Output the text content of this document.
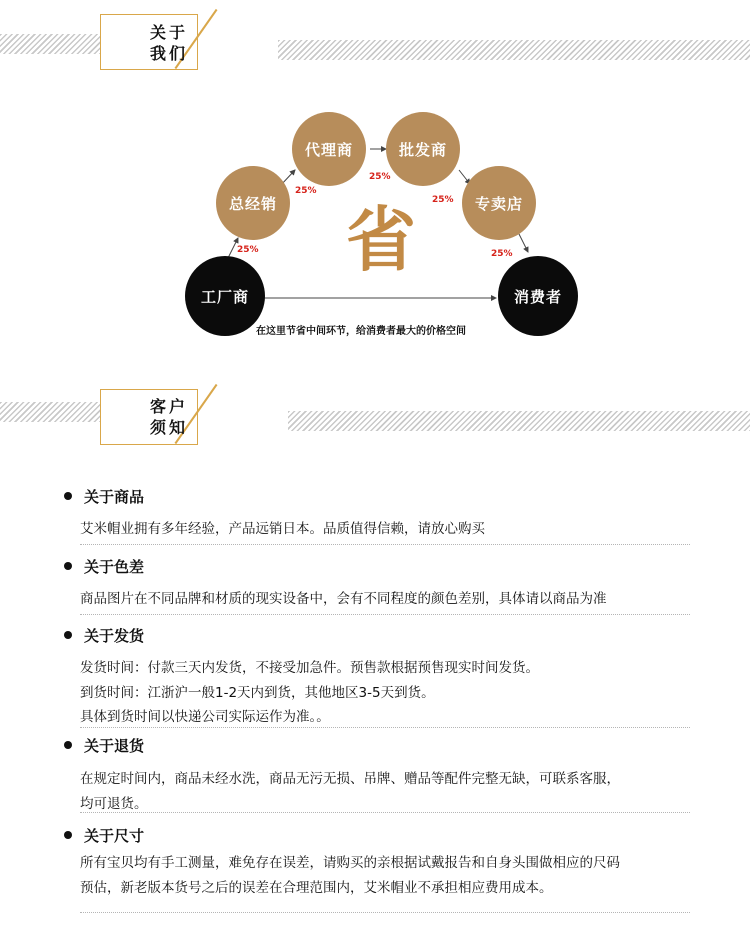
关于
我们
总经销
代理商	批发商
专卖店
工厂商	消费者
25%
25%
25%
25%
25%
省
在这里节省中间环节，给消费者最大的价格空间
客户
须知
关于商品
艾米帽业拥有多年经验，产品远销日本。品质值得信赖，请放心购买
关于色差
商品图片在不同品牌和材质的现实设备中，会有不同程度的颜色差别，具体请以商品为准
关于发货
发货时间：付款三天内发货，不接受加急件。预售款根据预售现实时间发货。
到货时间：江浙沪一般1-2天内到货，其他地区3-5天到货。
具体到货时间以快递公司实际运作为准。。
关于退货
在规定时间内，商品未经水洗，商品无污无损、吊牌、赠品等配件完整无缺，可联系客服，
均可退货。
关于尺寸
所有宝贝均有手工测量，难免存在误差，请购买的亲根据试戴报告和自身头围做相应的尺码
预估，新老版本货号之后的误差在合理范围内，艾米帽业不承担相应费用成本。
